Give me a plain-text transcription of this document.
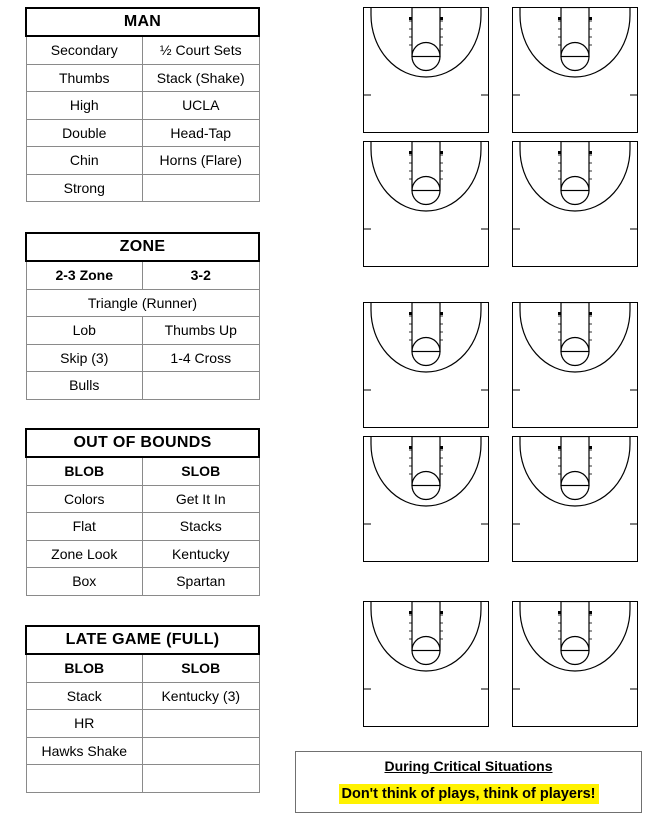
MAN	
Secondary	½ Court Sets
Thumbs	Stack (Shake)
High	UCLA
Double	Head-Tap
Chin	Horns (Flare)
Strong	
ZONE	
2-3 Zone	3-2
Triangle (Runner)	
Lob	Thumbs Up
Skip (3)	1-4 Cross
Bulls	
OUT OF BOUNDS	
BLOB	SLOB
Colors	Get It In
Flat	Stacks
Zone Look	Kentucky
Box	Spartan
LATE GAME (FULL)	
BLOB	SLOB
Stack	Kentucky (3)
HR	
Hawks Shake	

During Critical Situations
Don't think of plays, think of players!
